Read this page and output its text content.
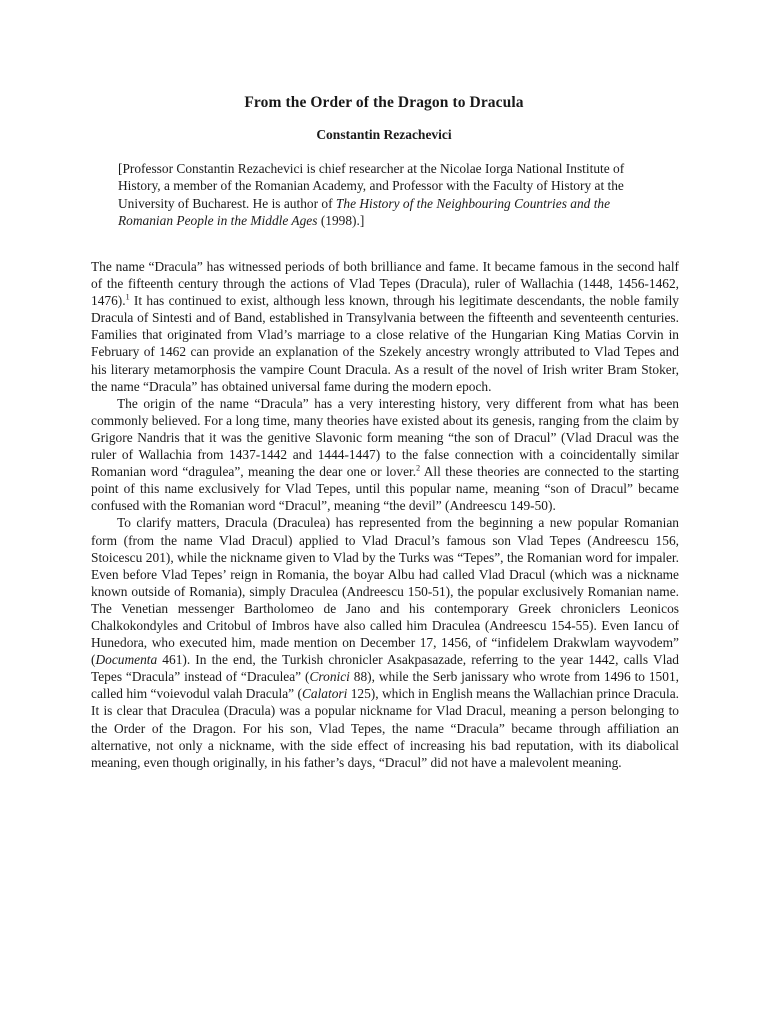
From the Order of the Dragon to Dracula
Constantin Rezachevici
[Professor Constantin Rezachevici is chief researcher at the Nicolae Iorga National Institute of History, a member of the Romanian Academy, and Professor with the Faculty of History at the University of Bucharest. He is author of The History of the Neighbouring Countries and the Romanian People in the Middle Ages (1998).]

The name “Dracula” has witnessed periods of both brilliance and fame. It became famous in the second half of the fifteenth century through the actions of Vlad Tepes (Dracula), ruler of Wallachia (1448, 1456-1462, 1476).$^1$ It has continued to exist, although less known, through his legitimate descendants, the noble family Dracula of Sintesti and of Band, established in Transylvania between the fifteenth and seventeenth centuries. Families that originated from Vlad’s marriage to a close relative of the Hungarian King Matias Corvin in February of 1462 can provide an explanation of the Szekely ancestry wrongly attributed to Vlad Tepes and his literary metamorphosis the vampire Count Dracula. As a result of the novel of Irish writer Bram Stoker, the name “Dracula” has obtained universal fame during the modern epoch.

The origin of the name “Dracula” has a very interesting history, very different from what has been commonly believed. For a long time, many theories have existed about its genesis, ranging from the claim by Grigore Nandris that it was the genitive Slavonic form meaning “the son of Dracul” (Vlad Dracul was the ruler of Wallachia from 1437-1442 and 1444-1447) to the false connection with a coincidentally similar Romanian word “dragulea”, meaning the dear one or lover.$^2$ All these theories are connected to the starting point of this name exclusively for Vlad Tepes, until this popular name, meaning “son of Dracul” became confused with the Romanian word “Dracul”, meaning “the devil” (Andreescu 149-50).

To clarify matters, Dracula (Draculea) has represented from the beginning a new popular Romanian form (from the name Vlad Dracul) applied to Vlad Dracul’s famous son Vlad Tepes (Andreescu 156, Stoicescu 201), while the nickname given to Vlad by the Turks was “Tepes”, the Romanian word for impaler. Even before Vlad Tepes’ reign in Romania, the boyar Albu had called Vlad Dracul (which was a nickname known outside of Romania), simply Draculea (Andreescu 150-51), the popular exclusively Romanian name. The Venetian messenger Bartholomeo de Jano and his contemporary Greek chroniclers Leonicos Chalkokondyles and Critobul of Imbros have also called him Draculea (Andreescu 154-55). Even Iancu of Hunedora, who executed him, made mention on December 17, 1456, of “infidelem Drakwlam wayvodem” (Documenta 461). In the end, the Turkish chronicler Asakpasazade, referring to the year 1442, calls Vlad Tepes “Dracula” instead of “Draculea” (Cronici 88), while the Serb janissary who wrote from 1496 to 1501, called him “voievodul valah Dracula” (Calatori 125), which in English means the Wallachian prince Dracula. It is clear that Draculea (Dracula) was a popular nickname for Vlad Dracul, meaning a person belonging to the Order of the Dragon. For his son, Vlad Tepes, the name “Dracula” became through affiliation an alternative, not only a nickname, with the side effect of increasing his bad reputation, with its diabolical meaning, even though originally, in his father’s days, “Dracul” did not have a malevolent meaning.
